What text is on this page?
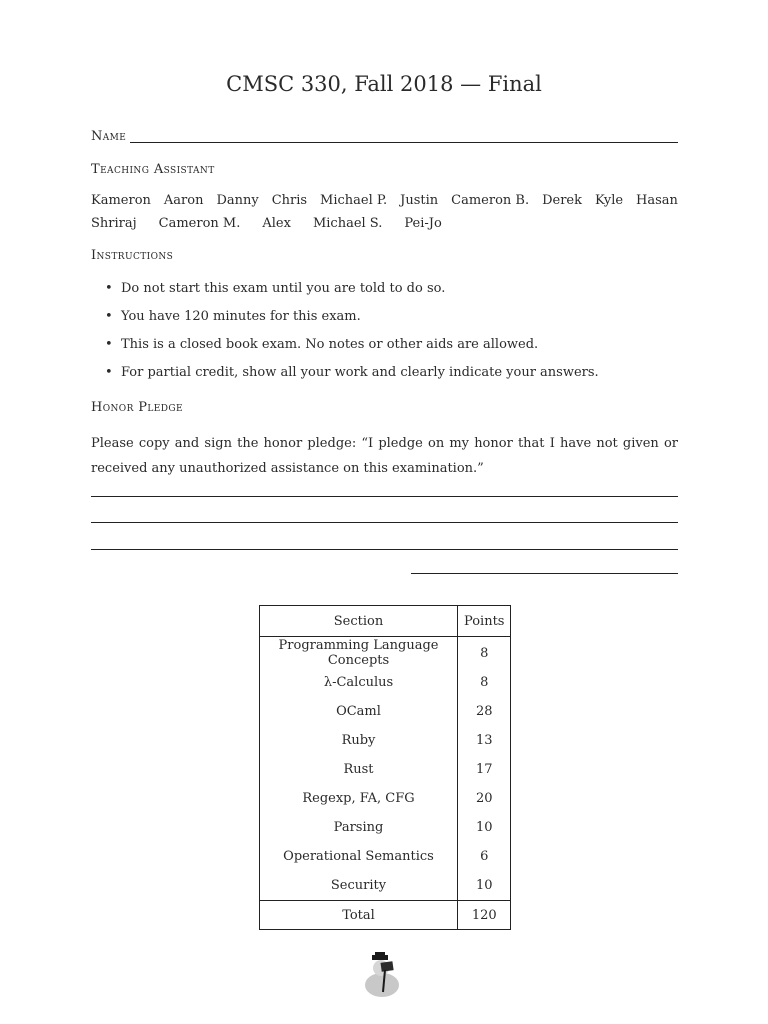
CMSC 330, Fall 2018 — Final
Name
Teaching Assistant
Kameron Aaron Danny Chris Michael P. Justin Cameron B. Derek Kyle Hasan
Shriraj Cameron M. Alex Michael S. Pei-Jo
Instructions
• Do not start this exam until you are told to do so.
• You have 120 minutes for this exam.
• This is a closed book exam. No notes or other aids are allowed.
• For partial credit, show all your work and clearly indicate your answers.
Honor Pledge
Please copy and sign the honor pledge: “I pledge on my honor that I have not given or received any unauthorized assistance on this examination.”
Section	Points
Programming Language Concepts	8
λ-Calculus	8
OCaml	28
Ruby	13
Rust	17
Regexp, FA, CFG	20
Parsing	10
Operational Semantics	6
Security	10
Total	120
